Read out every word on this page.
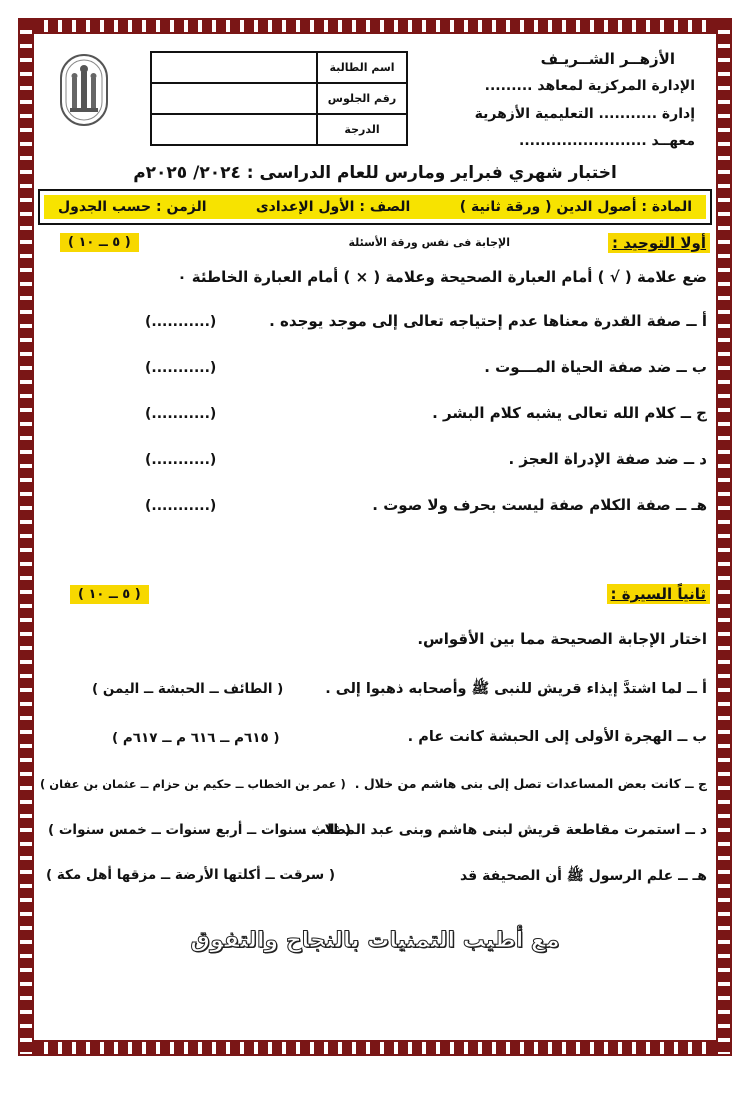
الأزهــر الشــريـف
الإدارة المركزية لمعاهد .........
إدارة ........... التعليمية الأزهرية
معهــد ........................
اسم الطالبة	
رقم الجلوس	
الدرجة	
اختبار شهري فبراير ومارس للعام الدراسى : ٢٠٢٤/ ٢٠٢٥م
المادة : أصول الدين ( ورقة ثانية )
الصف : الأول الإعدادى
الزمن : حسب الجدول
أولا التوحيد :
الإجابة فى نفس ورقة الأسئلة
( ٥ ــ ١٠ )
ضع علامة ( √ ) أمام العبارة الصحيحة وعلامة ( × ) أمام العبارة الخاطئة ٠
أ ــ صفة القدرة معناها عدم إحتياجه تعالى إلى موجد يوجده .
(...........)
ب ــ ضد صفة الحياة المـــوت .
(...........)
ج ــ كلام الله تعالى يشبه كلام البشر .
(...........)
د ــ ضد صفة الإدراة العجز .
(...........)
هـ ــ صفة الكلام صفة ليست بحرف ولا صوت .
(...........)
ثانياً السيرة :
( ٥ ــ ١٠ )
اختار الإجابة الصحيحة مما بين الأقواس.
أ ــ لما اشتدَّ إيذاء قريش للنبى ﷺ وأصحابه ذهبوا إلى .
( الطائف ــ الحبشة ــ اليمن )
ب ــ الهجرة الأولى إلى الحبشة كانت عام .
( ٦١٥م ــ ٦١٦ م ــ ٦١٧م )
ج ــ كانت بعض المساعدات تصل إلى بنى هاشم من خلال .
( عمر بن الخطاب ــ حكيم بن حزام ــ عثمان بن عفان )
د ــ استمرت مقاطعة قريش لبنى هاشم وبنى عبد المطلب .
( ثلاث سنوات ــ أربع سنوات ــ خمس سنوات )
هـ ــ علم الرسول ﷺ أن الصحيفة قد
( سرقت ــ أكلتها الأرضة ــ مزقها أهل مكة )
مع أطيب التمنيات بالنجاح والتفوق
